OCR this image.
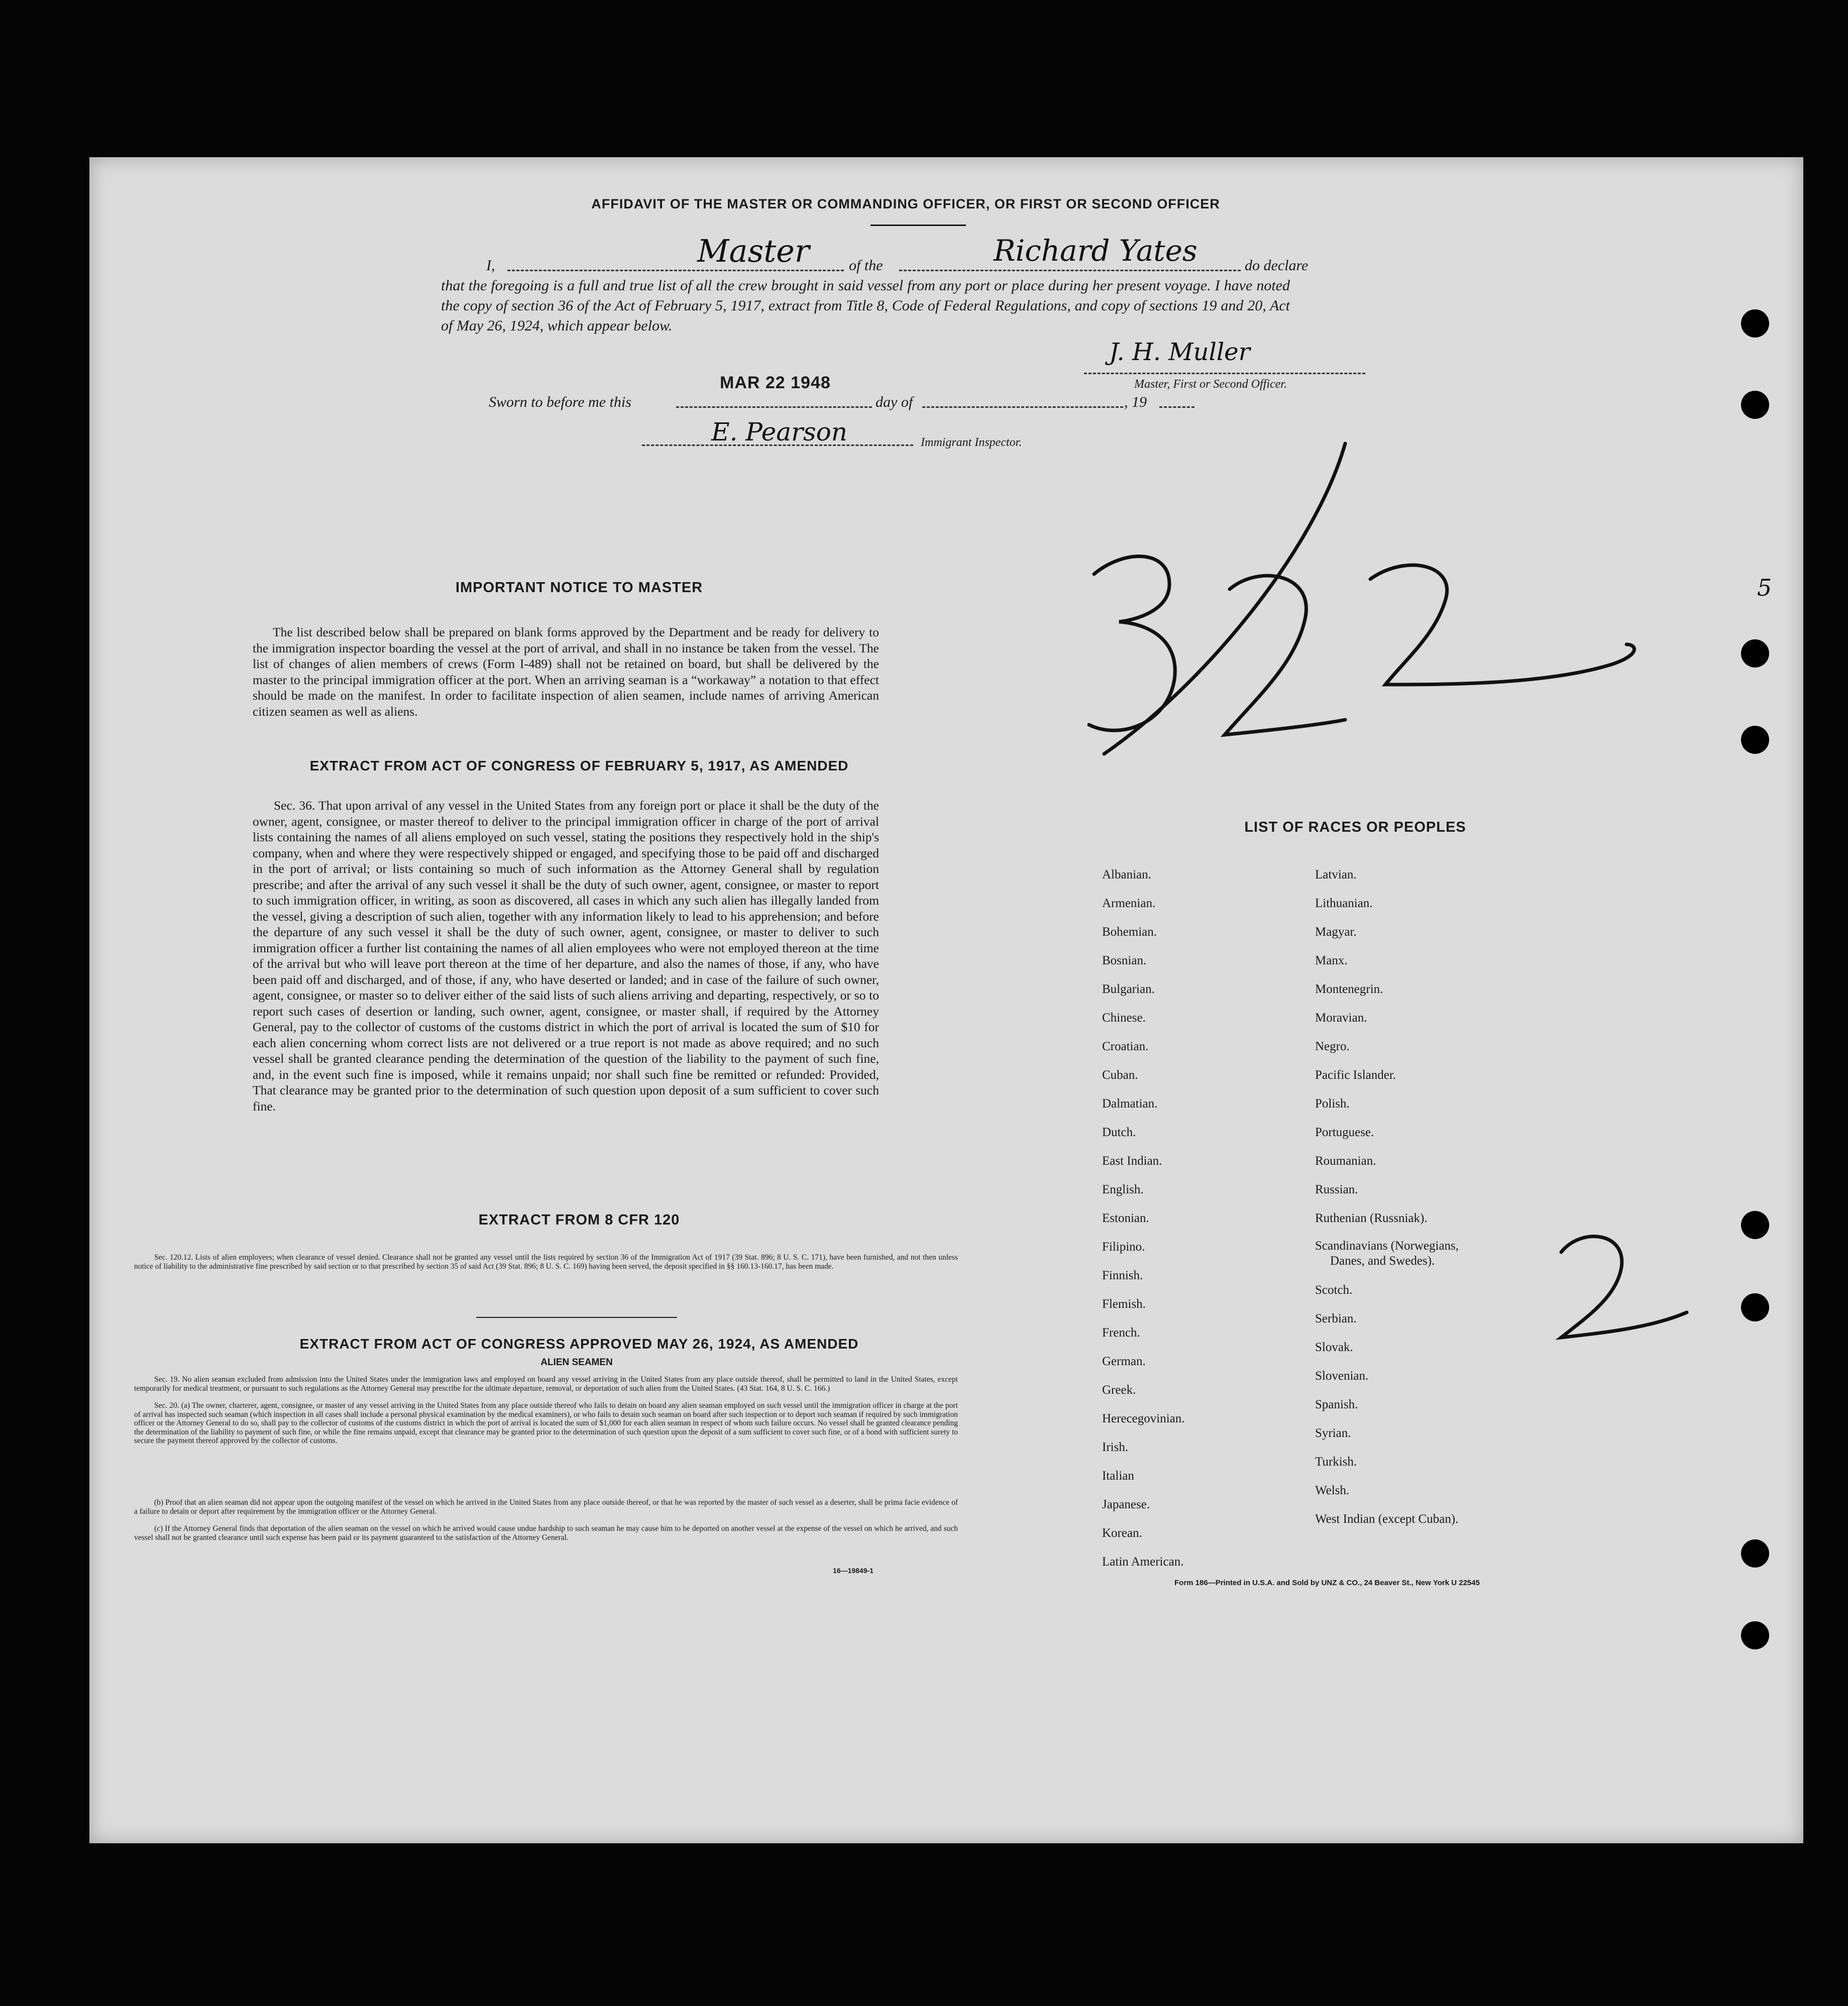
AFFIDAVIT OF THE MASTER OR COMMANDING OFFICER, OR FIRST OR SECOND OFFICER
I,	Master	of the	Richard Yates	do declare
that the foregoing is a full and true list of all the crew brought in said vessel from any port or place during her present voyage. I have noted the copy of section 36 of the Act of February 5, 1917, extract from Title 8, Code of Federal Regulations, and copy of sections 19 and 20, Act of May 26, 1924, which appear below.
J. H. Muller
Master, First or Second Officer.
MAR 22 1948
Sworn to before me this	day of	, 19
E. Pearson	Immigrant Inspector.
5
IMPORTANT NOTICE TO MASTER
The list described below shall be prepared on blank forms approved by the Department and be ready for delivery to the immigration inspector boarding the vessel at the port of arrival, and shall in no instance be taken from the vessel. The list of changes of alien members of crews (Form I-489) shall not be retained on board, but shall be delivered by the master to the principal immigration officer at the port. When an arriving seaman is a “workaway” a notation to that effect should be made on the manifest. In order to facilitate inspection of alien seamen, include names of arriving American citizen seamen as well as aliens.
EXTRACT FROM ACT OF CONGRESS OF FEBRUARY 5, 1917, AS AMENDED
Sec. 36. That upon arrival of any vessel in the United States from any foreign port or place it shall be the duty of the owner, agent, consignee, or master thereof to deliver to the principal immigration officer in charge of the port of arrival lists containing the names of all aliens employed on such vessel, stating the positions they respectively hold in the ship's company, when and where they were respectively shipped or engaged, and specifying those to be paid off and discharged in the port of arrival; or lists containing so much of such information as the Attorney General shall by regulation prescribe; and after the arrival of any such vessel it shall be the duty of such owner, agent, consignee, or master to report to such immigration officer, in writing, as soon as discovered, all cases in which any such alien has illegally landed from the vessel, giving a description of such alien, together with any information likely to lead to his apprehension; and before the departure of any such vessel it shall be the duty of such owner, agent, consignee, or master to deliver to such immigration officer a further list containing the names of all alien employees who were not employed thereon at the time of the arrival but who will leave port thereon at the time of her departure, and also the names of those, if any, who have been paid off and discharged, and of those, if any, who have deserted or landed; and in case of the failure of such owner, agent, consignee, or master so to deliver either of the said lists of such aliens arriving and departing, respectively, or so to report such cases of desertion or landing, such owner, agent, consignee, or master shall, if required by the Attorney General, pay to the collector of customs of the customs district in which the port of arrival is located the sum of $10 for each alien concerning whom correct lists are not delivered or a true report is not made as above required; and no such vessel shall be granted clearance pending the determination of the question of the liability to the payment of such fine, and, in the event such fine is imposed, while it remains unpaid; nor shall such fine be remitted or refunded: Provided, That clearance may be granted prior to the determination of such question upon deposit of a sum sufficient to cover such fine.
EXTRACT FROM 8 CFR 120
Sec. 120.12. Lists of alien employees; when clearance of vessel denied. Clearance shall not be granted any vessel until the lists required by section 36 of the Immigration Act of 1917 (39 Stat. 896; 8 U. S. C. 171), have been furnished, and not then unless notice of liability to the administrative fine prescribed by said section or to that prescribed by section 35 of said Act (39 Stat. 896; 8 U. S. C. 169) having been served, the deposit specified in §§ 160.13-160.17, has been made.
EXTRACT FROM ACT OF CONGRESS APPROVED MAY 26, 1924, AS AMENDED
ALIEN SEAMEN
Sec. 19. No alien seaman excluded from admission into the United States under the immigration laws and employed on board any vessel arriving in the United States from any place outside thereof, shall be permitted to land in the United States, except temporarily for medical treatment, or pursuant to such regulations as the Attorney General may prescribe for the ultimate departure, removal, or deportation of such alien from the United States. (43 Stat. 164, 8 U. S. C. 166.)
Sec. 20. (a) The owner, charterer, agent, consignee, or master of any vessel arriving in the United States from any place outside thereof who fails to detain on board any alien seaman employed on such vessel until the immigration officer in charge at the port of arrival has inspected such seaman (which inspection in all cases shall include a personal physical examination by the medical examiners), or who fails to detain such seaman on board after such inspection or to deport such seaman if required by such immigration officer or the Attorney General to do so, shall pay to the collector of customs of the customs district in which the port of arrival is located the sum of $1,000 for each alien seaman in respect of whom such failure occurs. No vessel shall be granted clearance pending the determination of the liability to payment of such fine, or while the fine remains unpaid, except that clearance may be granted prior to the determination of such question upon the deposit of a sum sufficient to cover such fine, or of a bond with sufficient surety to secure the payment thereof approved by the collector of customs.
(b) Proof that an alien seaman did not appear upon the outgoing manifest of the vessel on which he arrived in the United States from any place outside thereof, or that he was reported by the master of such vessel as a deserter, shall be prima facie evidence of a failure to detain or deport after requirement by the immigration officer or the Attorney General.
(c) If the Attorney General finds that deportation of the alien seaman on the vessel on which he arrived would cause undue hardship to such seaman he may cause him to be deported on another vessel at the expense of the vessel on which he arrived, and such vessel shall not be granted clearance until such expense has been paid or its payment guaranteed to the satisfaction of the Attorney General.
16—19849-1
LIST OF RACES OR PEOPLES
Albanian.
Armenian.
Bohemian.
Bosnian.
Bulgarian.
Chinese.
Croatian.
Cuban.
Dalmatian.
Dutch.
East Indian.
English.
Estonian.
Filipino.
Finnish.
Flemish.
French.
German.
Greek.
Herecegovinian.
Irish.
Italian
Japanese.
Korean.
Latin American.
Latvian.
Lithuanian.
Magyar.
Manx.
Montenegrin.
Moravian.
Negro.
Pacific Islander.
Polish.
Portuguese.
Roumanian.
Russian.
Ruthenian (Russniak).
Scandinavians (Norwegians,
Danes, and Swedes).
Scotch.
Serbian.
Slovak.
Slovenian.
Spanish.
Syrian.
Turkish.
Welsh.
West Indian (except Cuban).
Form 186—Printed in U.S.A. and Sold by UNZ & CO., 24 Beaver St., New York U 22545
